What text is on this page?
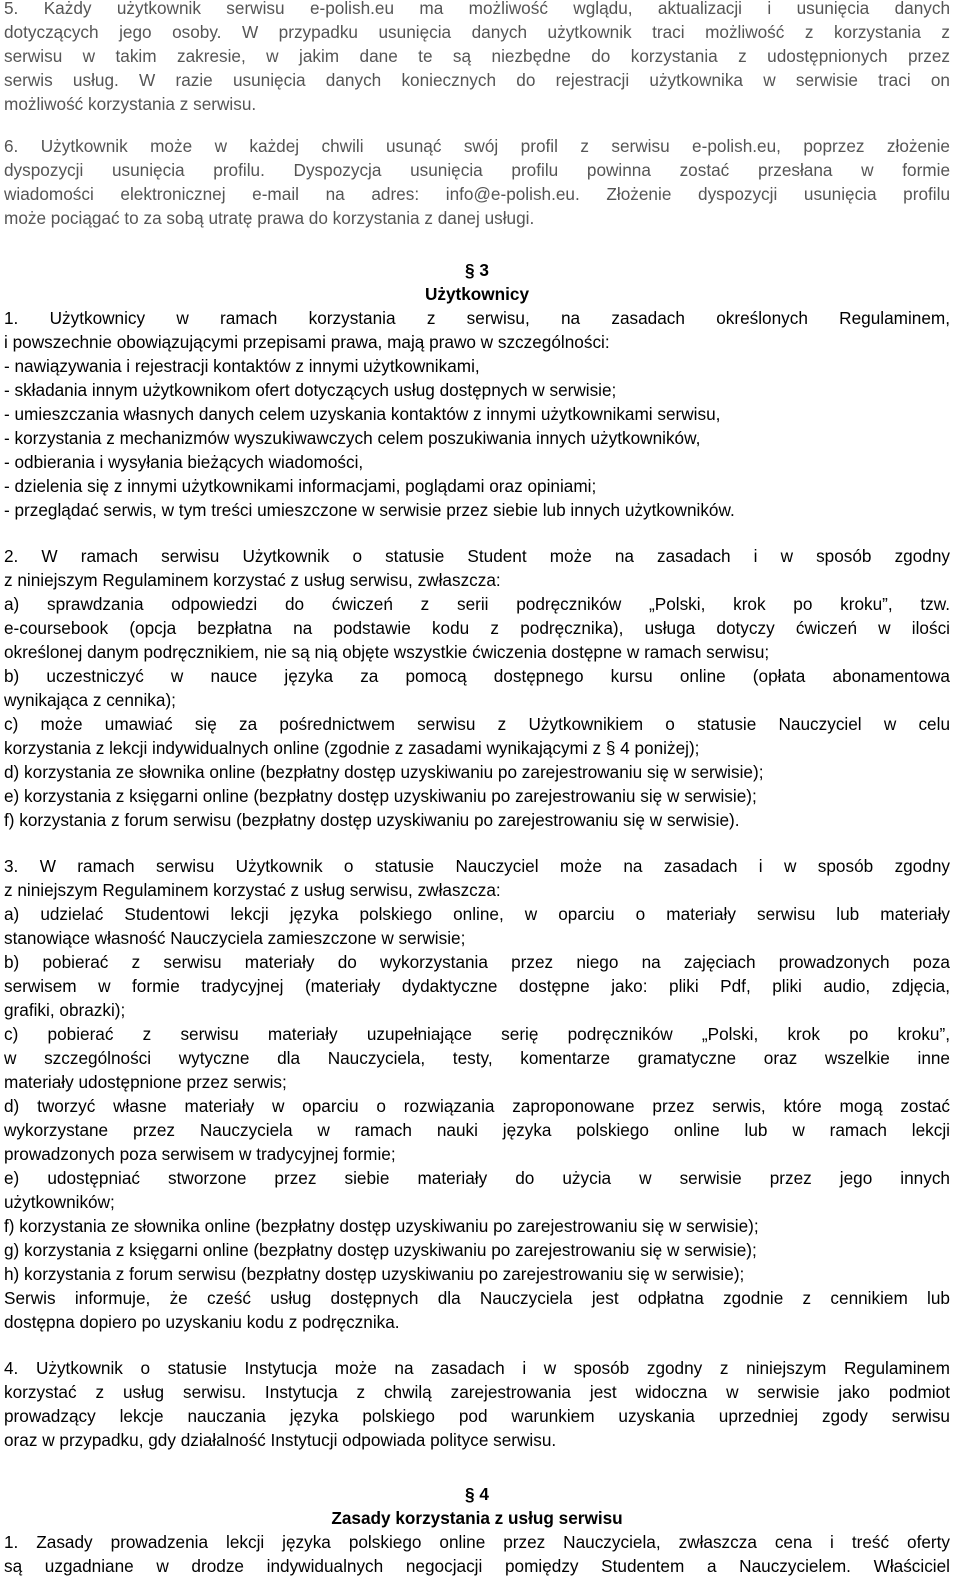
5. Każdy użytkownik serwisu e-polish.eu ma możliwość wglądu, aktualizacji i usunięcia danych
dotyczących jego osoby. W przypadku usunięcia danych użytkownik traci możliwość z korzystania z
serwisu w takim zakresie, w jakim dane te są niezbędne do korzystania z udostępnionych przez
serwis usług. W razie usunięcia danych koniecznych do rejestracji użytkownika w serwisie traci on
możliwość korzystania z serwisu.
6. Użytkownik może w każdej chwili usunąć swój profil z serwisu e-polish.eu, poprzez złożenie
dyspozycji usunięcia profilu. Dyspozycja usunięcia profilu powinna zostać przesłana w formie
wiadomości elektronicznej e-mail na adres: info@e-polish.eu. Złożenie dyspozycji usunięcia profilu
może pociągać to za sobą utratę prawa do korzystania z danej usługi.
§ 3
Użytkownicy
1. Użytkownicy w ramach korzystania z serwisu, na zasadach określonych Regulaminem,
i powszechnie obowiązującymi przepisami prawa, mają prawo w szczególności:
- nawiązywania i rejestracji kontaktów z innymi użytkownikami,
- składania innym użytkownikom ofert dotyczących usług dostępnych w serwisie;
- umieszczania własnych danych celem uzyskania kontaktów z innymi użytkownikami serwisu,
- korzystania z mechanizmów wyszukiwawczych celem poszukiwania innych użytkowników,
- odbierania i wysyłania bieżących wiadomości,
- dzielenia się z innymi użytkownikami informacjami, poglądami oraz opiniami;
- przeglądać serwis, w tym treści umieszczone w serwisie przez siebie lub innych użytkowników.
2. W ramach serwisu Użytkownik o statusie Student może na zasadach i w sposób zgodny
z niniejszym Regulaminem korzystać z usług serwisu, zwłaszcza:
a) sprawdzania odpowiedzi do ćwiczeń z serii podręczników „Polski, krok po kroku”, tzw.
e-coursebook (opcja bezpłatna na podstawie kodu z podręcznika), usługa dotyczy ćwiczeń w ilości
określonej danym podręcznikiem, nie są nią objęte wszystkie ćwiczenia dostępne w ramach serwisu;
b) uczestniczyć w nauce języka za pomocą dostępnego kursu online (opłata abonamentowa
wynikająca z cennika);
c) może umawiać się za pośrednictwem serwisu z Użytkownikiem o statusie Nauczyciel w celu
korzystania z lekcji indywidualnych online (zgodnie z zasadami wynikającymi z § 4 poniżej);
d) korzystania ze słownika online (bezpłatny dostęp uzyskiwaniu po zarejestrowaniu się w serwisie);
e) korzystania z księgarni online (bezpłatny dostęp uzyskiwaniu po zarejestrowaniu się w serwisie);
f) korzystania z forum serwisu (bezpłatny dostęp uzyskiwaniu po zarejestrowaniu się w serwisie).
3. W ramach serwisu Użytkownik o statusie Nauczyciel może na zasadach i w sposób zgodny
z niniejszym Regulaminem korzystać z usług serwisu, zwłaszcza:
a) udzielać Studentowi lekcji języka polskiego online, w oparciu o materiały serwisu lub materiały
stanowiące własność Nauczyciela zamieszczone w serwisie;
b) pobierać z serwisu materiały do wykorzystania przez niego na zajęciach prowadzonych poza
serwisem w formie tradycyjnej (materiały dydaktyczne dostępne jako: pliki Pdf, pliki audio, zdjęcia,
grafiki, obrazki);
c) pobierać z serwisu materiały uzupełniające serię podręczników „Polski, krok po kroku”,
w szczególności wytyczne dla Nauczyciela, testy, komentarze gramatyczne oraz wszelkie inne
materiały udostępnione przez serwis;
d) tworzyć własne materiały w oparciu o rozwiązania zaproponowane przez serwis, które mogą zostać
wykorzystane przez Nauczyciela w ramach nauki języka polskiego online lub w ramach lekcji
prowadzonych poza serwisem w tradycyjnej formie;
e) udostępniać stworzone przez siebie materiały do użycia w serwisie przez jego innych
użytkowników;
f) korzystania ze słownika online (bezpłatny dostęp uzyskiwaniu po zarejestrowaniu się w serwisie);
g) korzystania z księgarni online (bezpłatny dostęp uzyskiwaniu po zarejestrowaniu się w serwisie);
h) korzystania z forum serwisu (bezpłatny dostęp uzyskiwaniu po zarejestrowaniu się w serwisie);
Serwis informuje, że cześć usług dostępnych dla Nauczyciela jest odpłatna zgodnie z cennikiem lub
dostępna dopiero po uzyskaniu kodu z podręcznika.
4. Użytkownik o statusie Instytucja może na zasadach i w sposób zgodny z niniejszym Regulaminem
korzystać z usług serwisu. Instytucja z chwilą zarejestrowania jest widoczna w serwisie jako podmiot
prowadzący lekcje nauczania języka polskiego pod warunkiem uzyskania uprzedniej zgody serwisu
oraz w przypadku, gdy działalność Instytucji odpowiada polityce serwisu.
§ 4
Zasady korzystania z usług serwisu
1. Zasady prowadzenia lekcji języka polskiego online przez Nauczyciela, zwłaszcza cena i treść oferty
są uzgadniane w drodze indywidualnych negocjacji pomiędzy Studentem a Nauczycielem. Właściciel
